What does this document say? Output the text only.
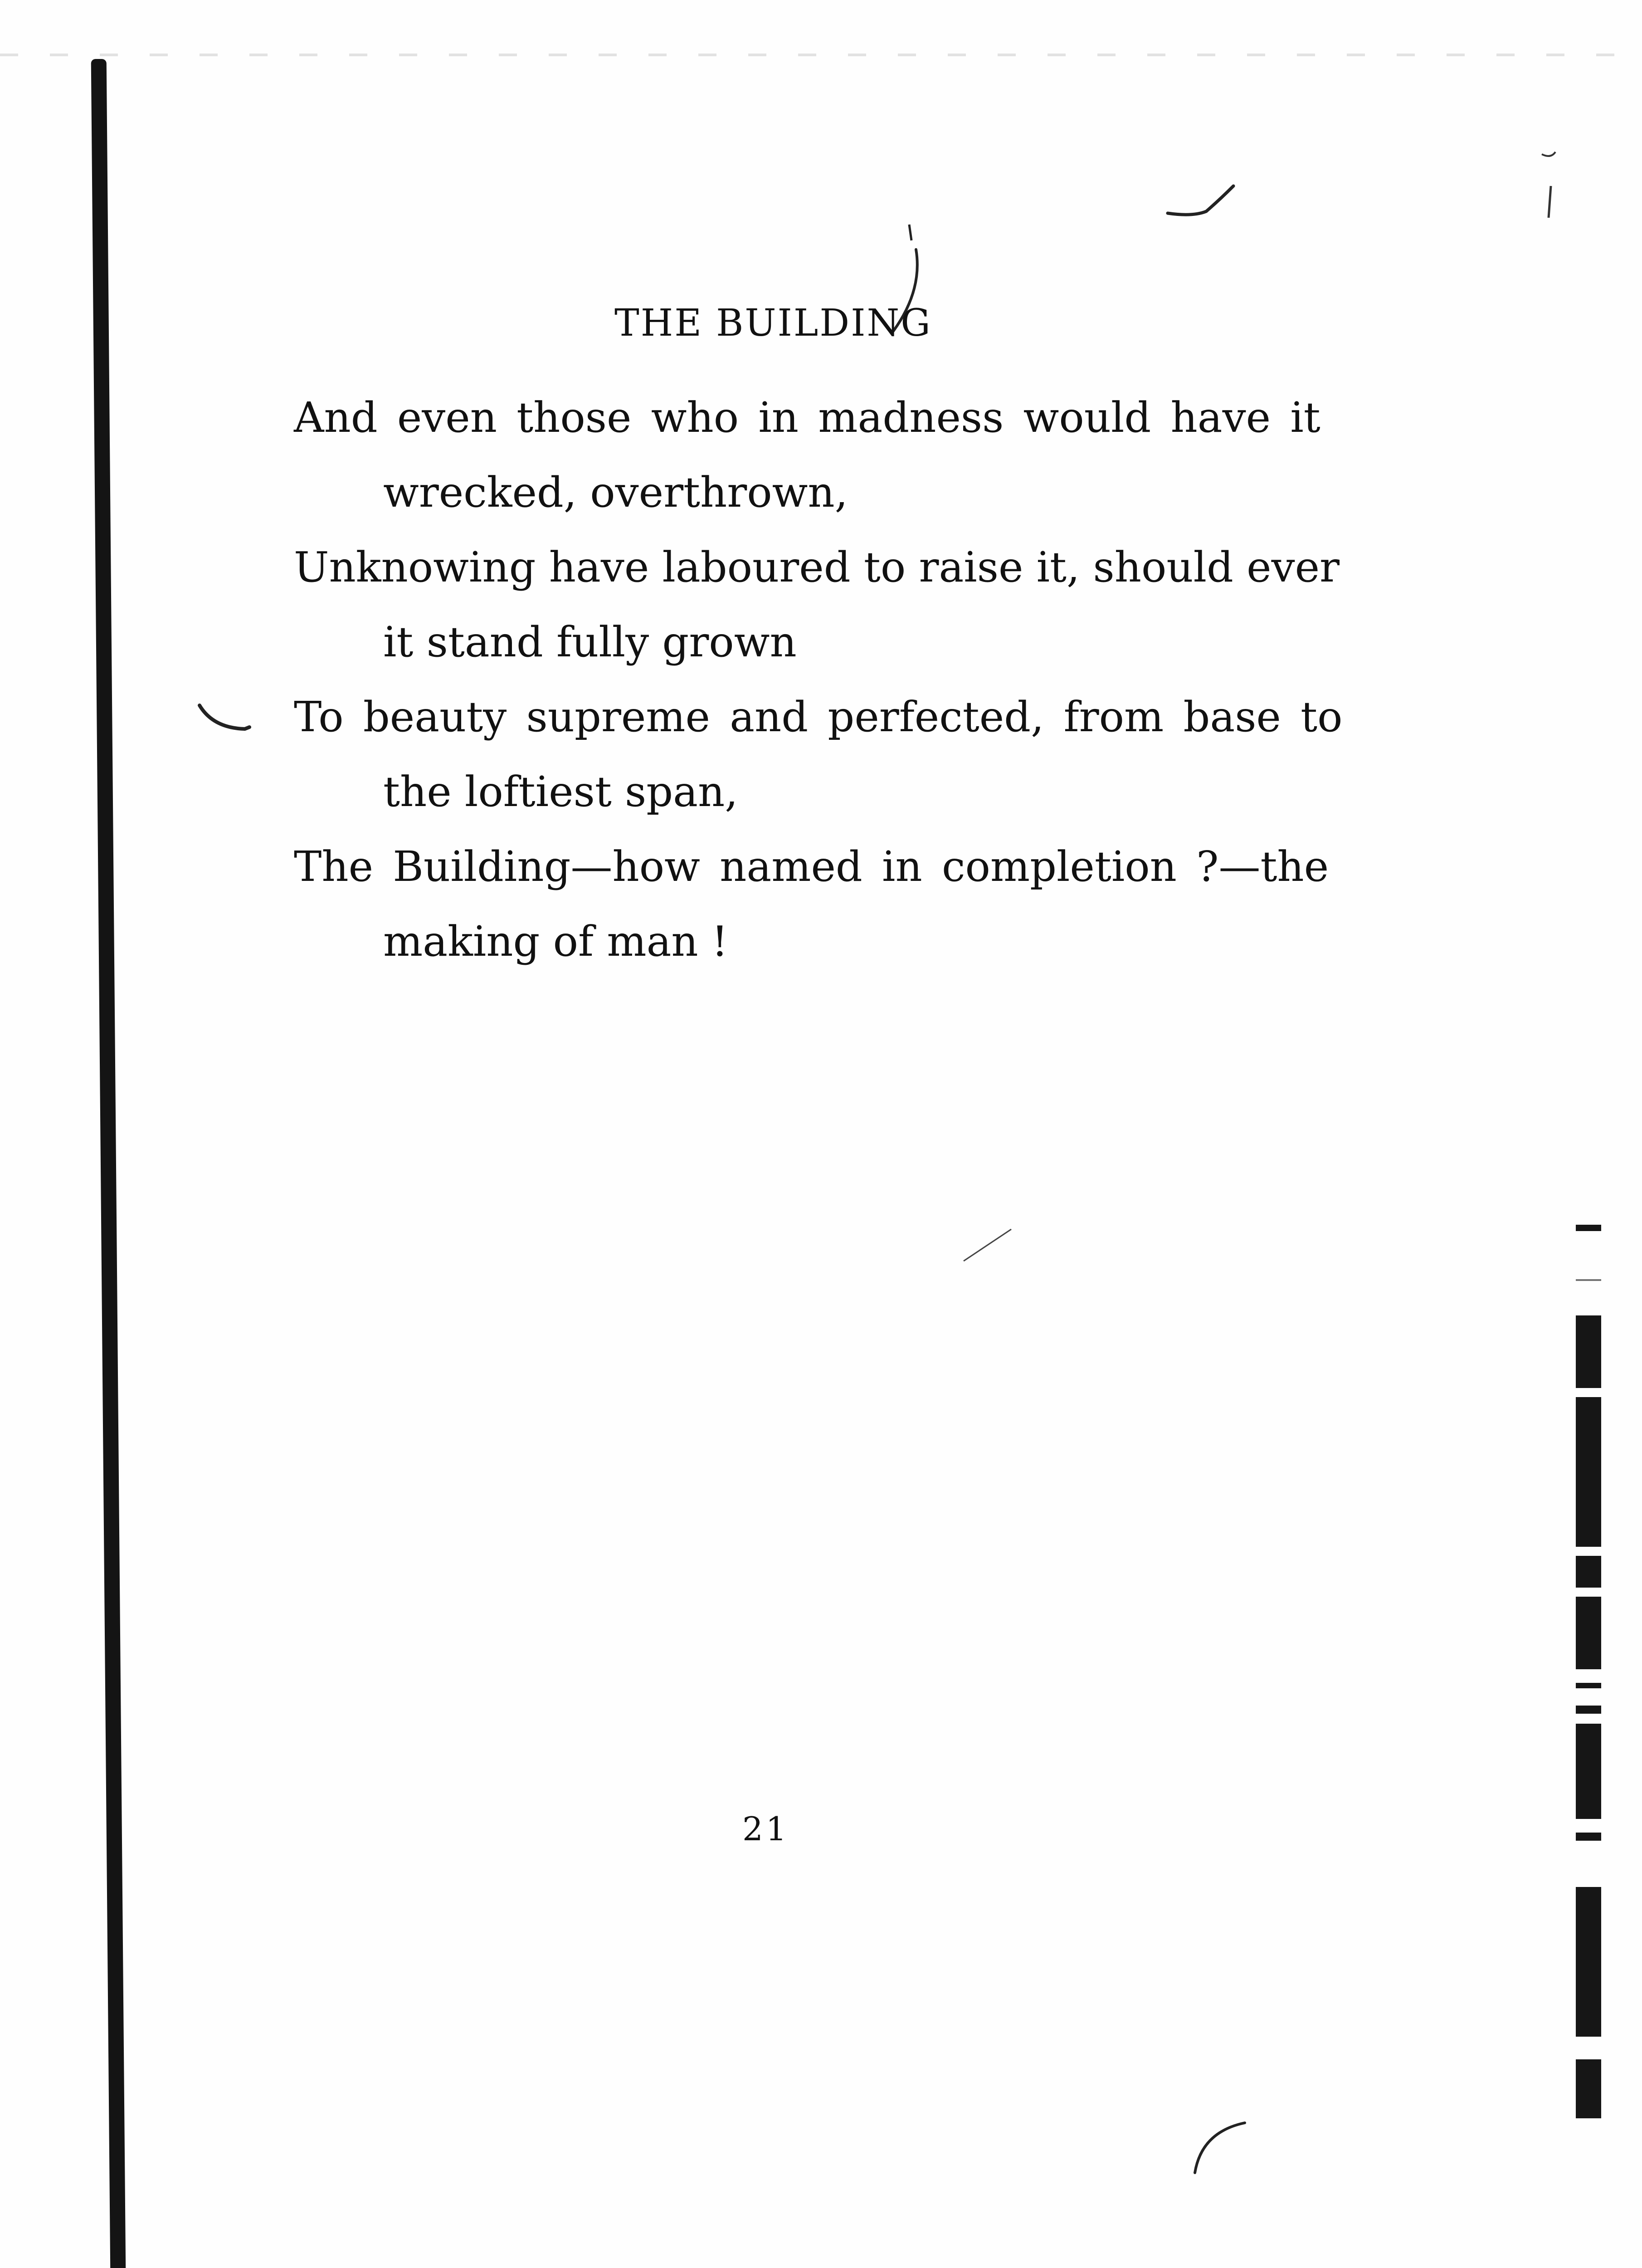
THE BUILDING
And even those who in madness would have it
wrecked, overthrown,
Unknowing have laboured to raise it, should ever
it stand fully grown
To beauty supreme and perfected, from base to
the loftiest span,
The Building—how named in completion ?—the
making of man !
21
